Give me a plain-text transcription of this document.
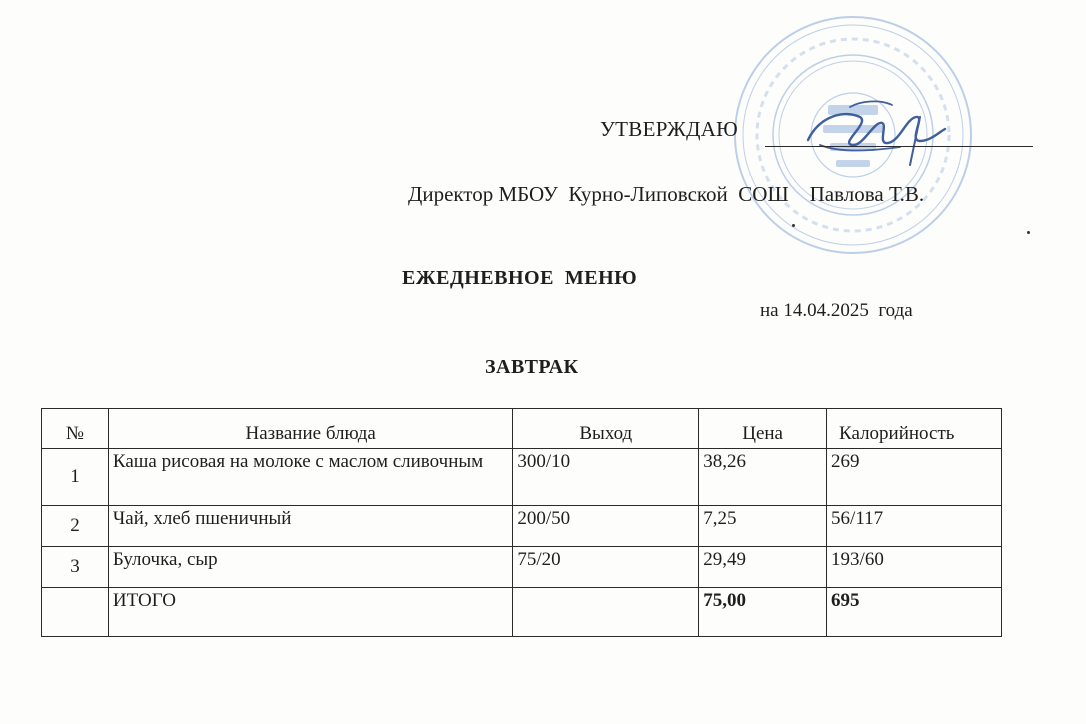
УТВЕРЖДАЮ
Директор МБОУ  Курно-Липовской  СОШ    Павлова Т.В.
ЕЖЕДНЕВНОЕ  МЕНЮ
на 14.04.2025  года
ЗАВТРАК
№	Название блюда	Выход	Цена	Калорийность
1	Каша рисовая на молоке с маслом сливочным	300/10	38,26	269
2	Чай, хлеб пшеничный	200/50	7,25	56/117
3	Булочка, сыр	75/20	29,49	193/60
	ИТОГО		75,00	695
